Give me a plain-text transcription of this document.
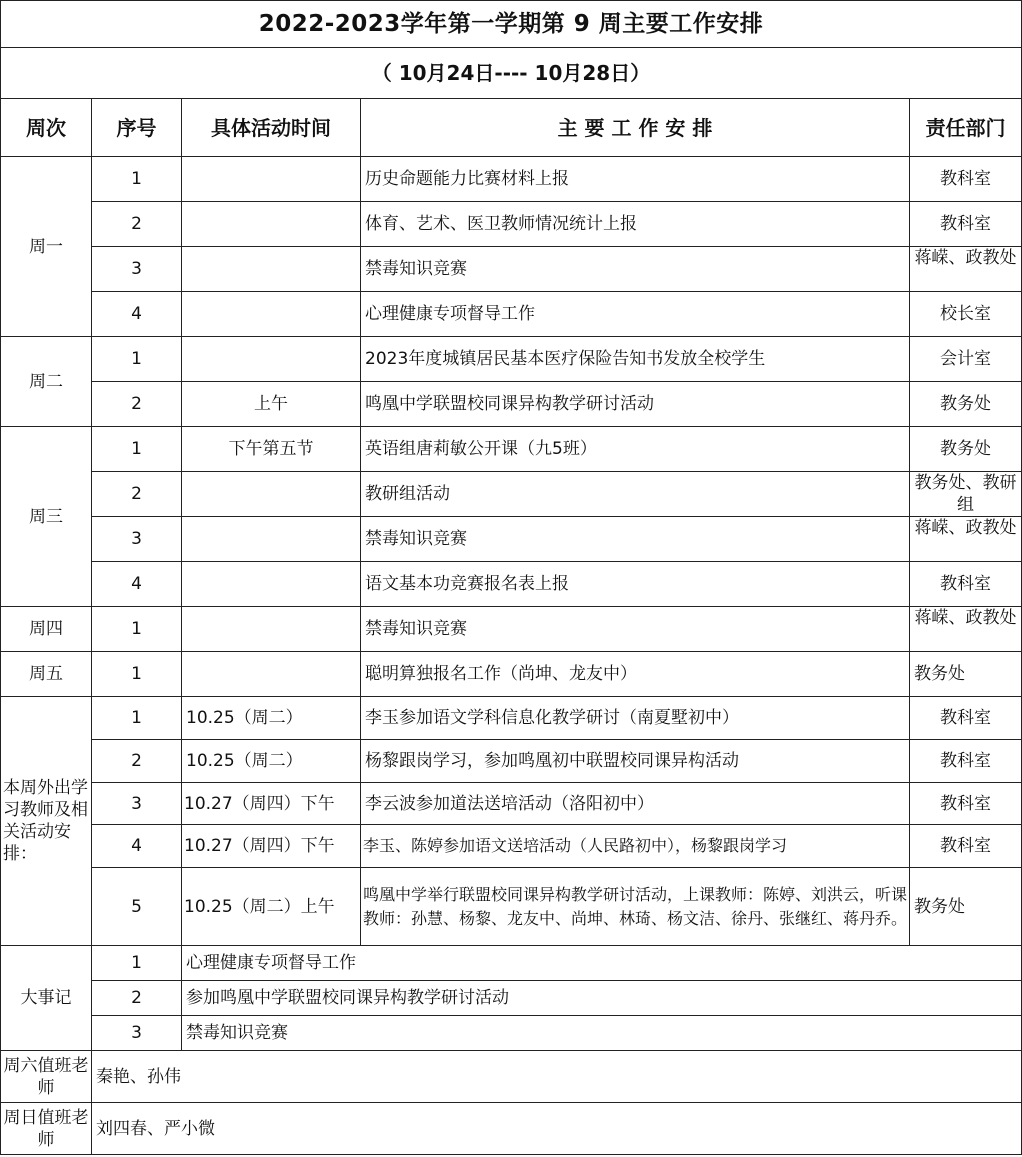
2022-2023学年第一学期第 9 周主要工作安排				
（ 10月24日---- 10月28日）				
周次	序号	具体活动时间	主 要 工 作 安 排	责任部门
周一	1		历史命题能力比赛材料上报	教科室
	2		体育、艺术、医卫教师情况统计上报	教科室
	3		禁毒知识竞赛	蒋嵘、政教处

	4		心理健康专项督导工作	校长室
周二	1		2023年度城镇居民基本医疗保险告知书发放全校学生	会计室
	2	上午	鸣凰中学联盟校同课异构教学研讨活动	教务处
周三	1	下午第五节	英语组唐莉敏公开课（九5班）	教务处
	2		教研组活动	教务处、教研组

	3		禁毒知识竞赛	蒋嵘、政教处

	4		语文基本功竞赛报名表上报	教科室
周四	1		禁毒知识竞赛	蒋嵘、政教处

周五	1		聪明算独报名工作（尚坤、龙友中）	教务处
本周外出学习教师及相关活动安排：	1	10.25（周二）	李玉参加语文学科信息化教学研讨（南夏墅初中）	教科室
	2	10.25（周二）	杨黎跟岗学习，参加鸣凰初中联盟校同课异构活动	教科室
	3	10.27（周四）下午	李云波参加道法送培活动（洛阳初中）	教科室
	4	10.27（周四）下午	李玉、陈婷参加语文送培活动（人民路初中），杨黎跟岗学习	教科室
	5	10.25（周二）上午	鸣凰中学举行联盟校同课异构教学研讨活动，上课教师：陈婷、刘洪云，听课教师：孙慧、杨黎、龙友中、尚坤、林琦、杨文洁、徐丹、张继红、蒋丹乔。	教务处
大事记	1	心理健康专项督导工作		
	2	参加鸣凰中学联盟校同课异构教学研讨活动		
	3	禁毒知识竞赛		
周六值班老师	秦艳、孙伟			
周日值班老师	刘四春、严小微			
